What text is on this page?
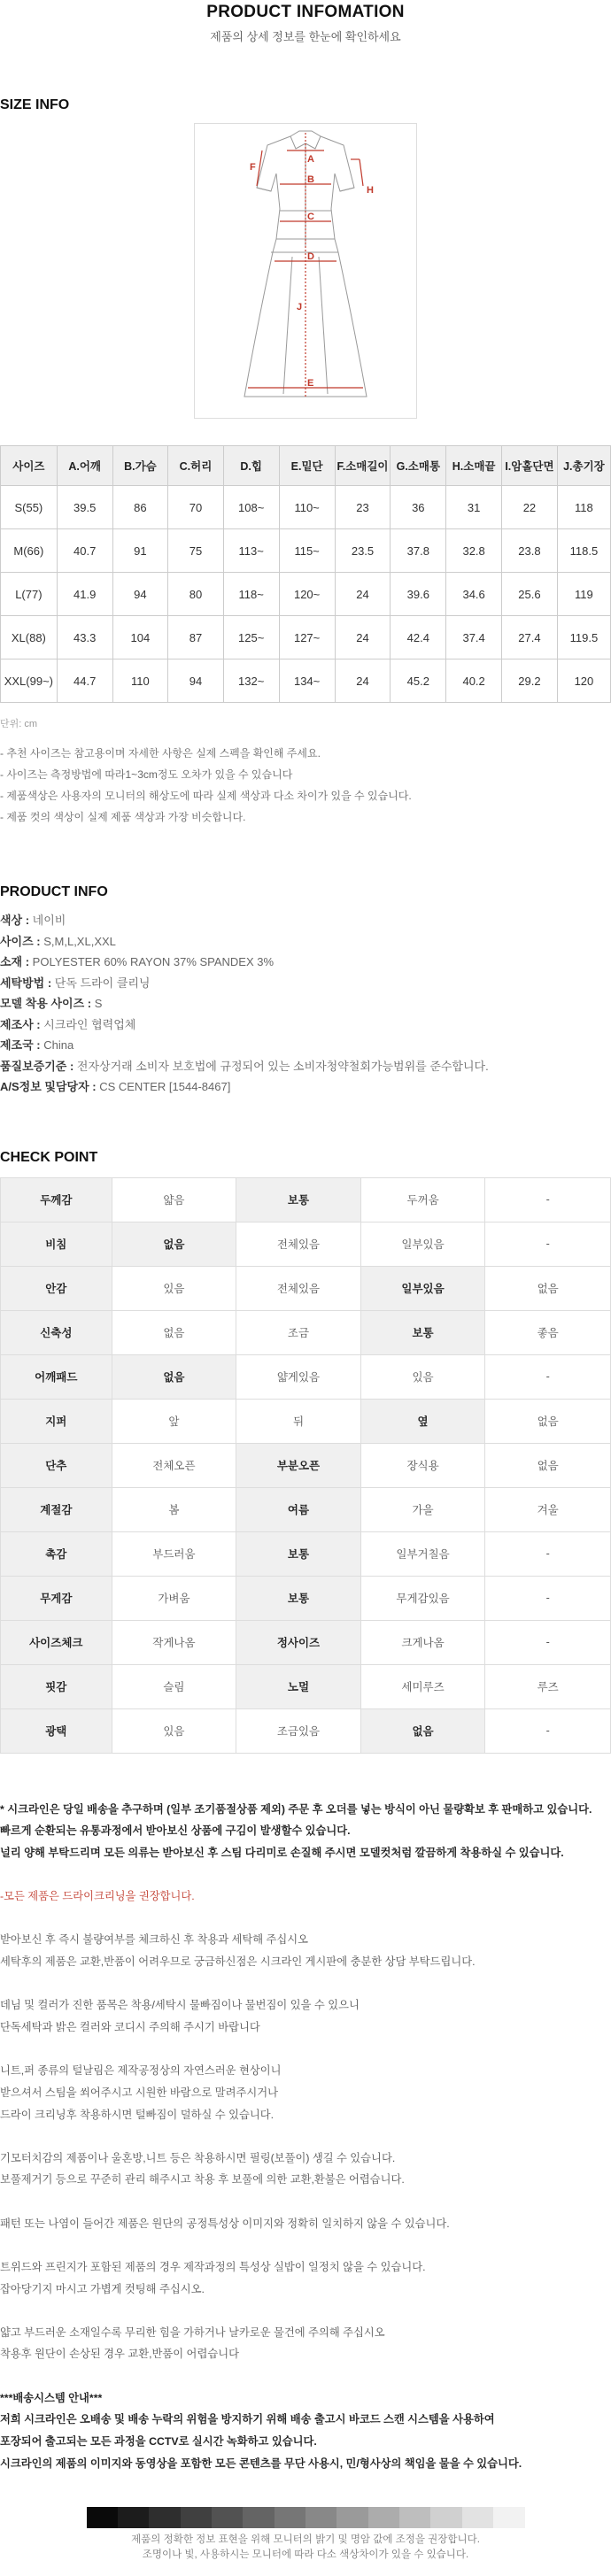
PRODUCT INFOMATION
제품의 상세 정보를 한눈에 확인하세요
SIZE INFO
A
B
C
D
E
F
H
J
사이즈	A.어깨	B.가슴	C.허리	D.힙	E.밑단	F.소매길이	G.소매통	H.소매끝	I.암홀단면	J.총기장
S(55)	39.5	86	70	108~	110~	23	36	31	22	118
M(66)	40.7	91	75	113~	115~	23.5	37.8	32.8	23.8	118.5
L(77)	41.9	94	80	118~	120~	24	39.6	34.6	25.6	119
XL(88)	43.3	104	87	125~	127~	24	42.4	37.4	27.4	119.5
XXL(99~)	44.7	110	94	132~	134~	24	45.2	40.2	29.2	120
단위: cm
- 추천 사이즈는 참고용이며 자세한 사항은 실제 스펙을 확인해 주세요.
- 사이즈는 측정방법에 따라1~3cm정도 오차가 있을 수 있습니다
- 제품색상은 사용자의 모니터의 해상도에 따라 실제 색상과 다소 차이가 있을 수 있습니다.
- 제품 컷의 색상이 실제 제품 색상과 가장 비슷합니다.
PRODUCT INFO
색상 : 네이비
사이즈 : S,M,L,XL,XXL
소재 : POLYESTER 60% RAYON 37% SPANDEX 3%
세탁방법 : 단독 드라이 클리닝
모델 착용 사이즈 : S
제조사 : 시크라인 협력업체
제조국 : China
품질보증기준 : 전자상거래 소비자 보호법에 규정되어 있는 소비자청약철회가능범위를 준수합니다.
A/S정보 및담당자 : CS CENTER [1544-8467]
CHECK POINT
두께감	얇음	보통	두꺼움	-
비침	없음	전체있음	일부있음	-
안감	있음	전체있음	일부있음	없음
신축성	없음	조금	보통	좋음
어깨패드	없음	얇게있음	있음	-
지퍼	앞	뒤	옆	없음
단추	전체오픈	부분오픈	장식용	없음
계절감	봄	여름	가을	겨울
촉감	부드러움	보통	일부거칠음	-
무게감	가벼움	보통	무게감있음	-
사이즈체크	작게나옴	정사이즈	크게나옴	-
핏감	슬림	노멀	세미루즈	루즈
광택	있음	조금있음	없음	-

* 시크라인은 당일 배송을 추구하며 (일부 조기품절상품 제외) 주문 후 오더를 넣는 방식이 아닌 물량확보 후 판매하고 있습니다.

빠르게 순환되는 유통과정에서 받아보신 상품에 구김이 발생할수 있습니다.

널리 양해 부탁드리며 모든 의류는 받아보신 후 스팀 다리미로 손질해 주시면 모델컷처럼 깔끔하게 착용하실 수 있습니다.

-모든 제품은 드라이크리닝을 권장합니다.

받아보신 후 즉시 불량여부를 체크하신 후 착용과 세탁해 주십시오

세탁후의 제품은 교환,반품이 어려우므로 궁금하신점은 시크라인 게시판에 충분한 상담 부탁드립니다.

데님 및 컬러가 진한 품목은 착용/세탁시 물빠짐이나 물번짐이 있을 수 있으니

단독세탁과 밝은 컬러와 코디시 주의해 주시기 바랍니다

니트,퍼 종류의 털날림은 제작공정상의 자연스러운 현상이니

받으셔서 스팀을 쐬어주시고 시원한 바람으로 말려주시거나

드라이 크리닝후 착용하시면 털빠짐이 덜하실 수 있습니다.

기모터치감의 제품이나 울혼방,니트 등은 착용하시면 필링(보풀이) 생길 수 있습니다.

보풀제거기 등으로 꾸준히 관리 해주시고 착용 후 보풀에 의한 교환,환불은 어렵습니다.

패턴 또는 나염이 들어간 제품은 원단의 공정특성상 이미지와 정확히 일치하지 않을 수 있습니다.

트위드와 프린지가 포함된 제품의 경우 제작과정의 특성상 실밥이 일정치 않을 수 있습니다.

잡아당기지 마시고 가볍게 컷팅해 주십시오.

얇고 부드러운 소재일수록 무리한 힘을 가하거나 날카로운 물건에 주의해 주십시오

착용후 원단이 손상된 경우 교환,반품이 어렵습니다

***배송시스템 안내***

저희 시크라인은 오배송 및 배송 누락의 위험을 방지하기 위해 배송 출고시 바코드 스캔 시스템을 사용하여

포장되어 출고되는 모든 과정을 CCTV로 실시간 녹화하고 있습니다.

시크라인의 제품의 이미지와 동영상을 포함한 모든 콘텐츠를 무단 사용시, 민/형사상의 책임을 물을 수 있습니다.

제품의 정확한 정보 표현을 위해 모니터의 밝기 및 명암 값에 조정을 권장합니다.
조명이나 빛, 사용하시는 모니터에 따라 다소 색상차이가 있을 수 있습니다.
